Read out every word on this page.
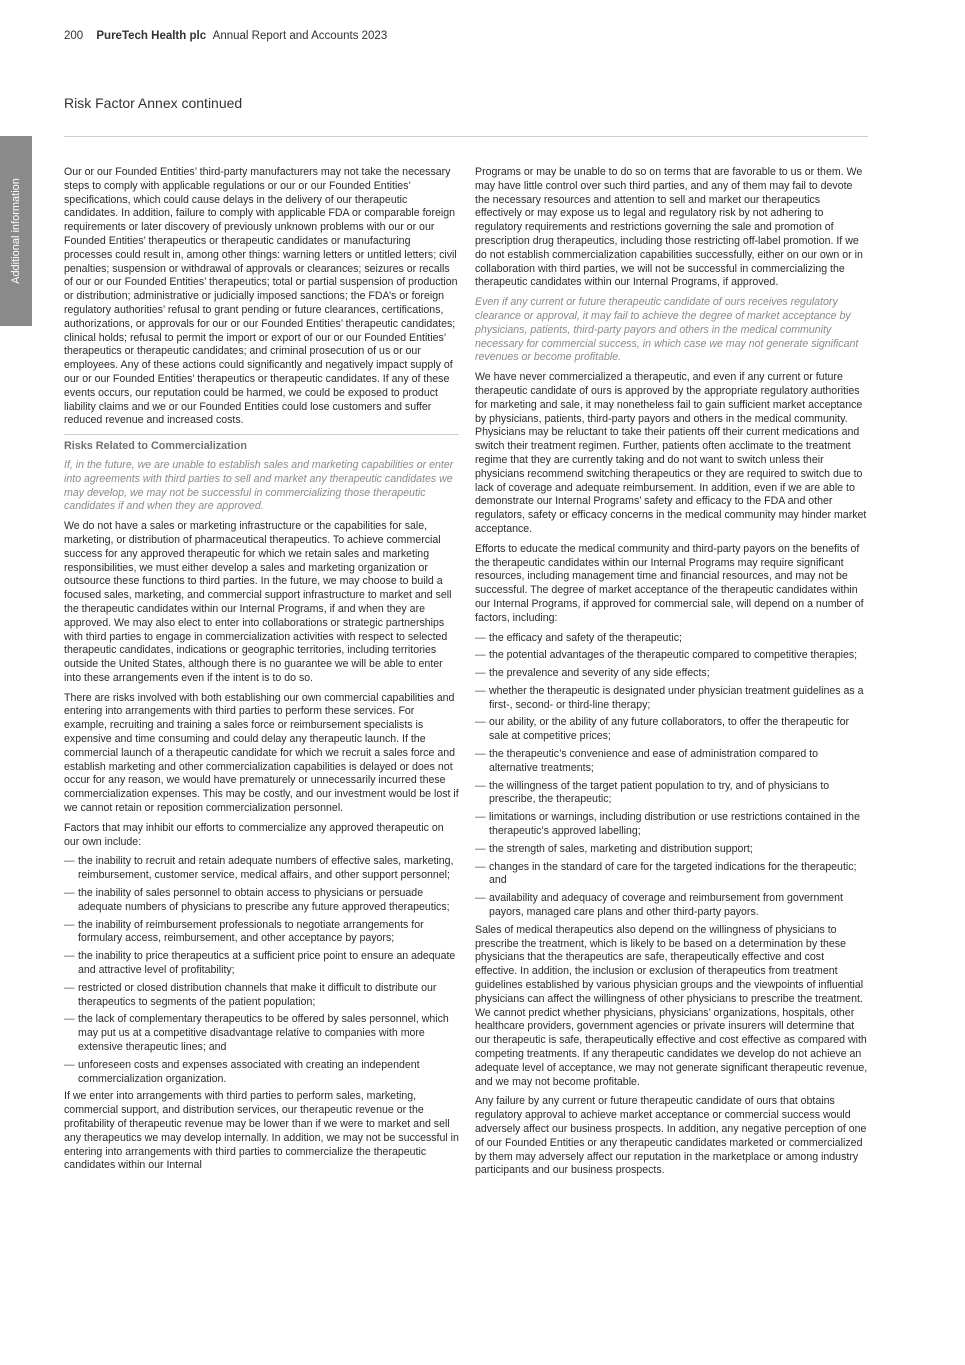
200 PureTech Health plc Annual Report and Accounts 2023
Risk Factor Annex continued
Additional information

Our or our Founded Entities’ third-party manufacturers may not take the necessary steps to comply with applicable regulations or our or our Founded Entities’ specifications, which could cause delays in the delivery of our therapeutic candidates. In addition, failure to comply with applicable FDA or comparable foreign requirements or later discovery of previously unknown problems with our or our Founded Entities’ therapeutics or therapeutic candidates or manufacturing processes could result in, among other things: warning letters or untitled letters; civil penalties; suspension or withdrawal of approvals or clearances; seizures or recalls of our or our Founded Entities’ therapeutics; total or partial suspension of production or distribution; administrative or judicially imposed sanctions; the FDA’s or foreign regulatory authorities’ refusal to grant pending or future clearances, certifications, authorizations, or approvals for our or our Founded Entities’ therapeutic candidates; clinical holds; refusal to permit the import or export of our or our Founded Entities’ therapeutics or therapeutic candidates; and criminal prosecution of us or our employees. Any of these actions could significantly and negatively impact supply of our or our Founded Entities’ therapeutics or therapeutic candidates. If any of these events occurs, our reputation could be harmed, we could be exposed to product liability claims and we or our Founded Entities could lose customers and suffer reduced revenue and increased costs.

Risks Related to Commercialization

If, in the future, we are unable to establish sales and marketing capabilities or enter into agreements with third parties to sell and market any therapeutic candidates we may develop, we may not be successful in commercializing those therapeutic candidates if and when they are approved.

We do not have a sales or marketing infrastructure or the capabilities for sale, marketing, or distribution of pharmaceutical therapeutics. To achieve commercial success for any approved therapeutic for which we retain sales and marketing responsibilities, we must either develop a sales and marketing organization or outsource these functions to third parties. In the future, we may choose to build a focused sales, marketing, and commercial support infrastructure to market and sell the therapeutic candidates within our Internal Programs, if and when they are approved. We may also elect to enter into collaborations or strategic partnerships with third parties to engage in commercialization activities with respect to selected therapeutic candidates, indications or geographic territories, including territories outside the United States, although there is no guarantee we will be able to enter into these arrangements even if the intent is to do so.

There are risks involved with both establishing our own commercial capabilities and entering into arrangements with third parties to perform these services. For example, recruiting and training a sales force or reimbursement specialists is expensive and time consuming and could delay any therapeutic launch. If the commercial launch of a therapeutic candidate for which we recruit a sales force and establish marketing and other commercialization capabilities is delayed or does not occur for any reason, we would have prematurely or unnecessarily incurred these commercialization expenses. This may be costly, and our investment would be lost if we cannot retain or reposition commercialization personnel.

Factors that may inhibit our efforts to commercialize any approved therapeutic on our own include:

— the inability to recruit and retain adequate numbers of effective sales, marketing, reimbursement, customer service, medical affairs, and other support personnel;
— the inability of sales personnel to obtain access to physicians or persuade adequate numbers of physicians to prescribe any future approved therapeutics;
— the inability of reimbursement professionals to negotiate arrangements for formulary access, reimbursement, and other acceptance by payors;
— the inability to price therapeutics at a sufficient price point to ensure an adequate and attractive level of profitability;
— restricted or closed distribution channels that make it difficult to distribute our therapeutics to segments of the patient population;
— the lack of complementary therapeutics to be offered by sales personnel, which may put us at a competitive disadvantage relative to companies with more extensive therapeutic lines; and
— unforeseen costs and expenses associated with creating an independent commercialization organization.

If we enter into arrangements with third parties to perform sales, marketing, commercial support, and distribution services, our therapeutic revenue or the profitability of therapeutic revenue may be lower than if we were to market and sell any therapeutics we may develop internally. In addition, we may not be successful in entering into arrangements with third parties to commercialize the therapeutic candidates within our Internal

Programs or may be unable to do so on terms that are favorable to us or them. We may have little control over such third parties, and any of them may fail to devote the necessary resources and attention to sell and market our therapeutics effectively or may expose us to legal and regulatory risk by not adhering to regulatory requirements and restrictions governing the sale and promotion of prescription drug therapeutics, including those restricting off-label promotion. If we do not establish commercialization capabilities successfully, either on our own or in collaboration with third parties, we will not be successful in commercializing the therapeutic candidates within our Internal Programs, if approved.

Even if any current or future therapeutic candidate of ours receives regulatory clearance or approval, it may fail to achieve the degree of market acceptance by physicians, patients, third-party payors and others in the medical community necessary for commercial success, in which case we may not generate significant revenues or become profitable.

We have never commercialized a therapeutic, and even if any current or future therapeutic candidate of ours is approved by the appropriate regulatory authorities for marketing and sale, it may nonetheless fail to gain sufficient market acceptance by physicians, patients, third-party payors and others in the medical community. Physicians may be reluctant to take their patients off their current medications and switch their treatment regimen. Further, patients often acclimate to the treatment regime that they are currently taking and do not want to switch unless their physicians recommend switching therapeutics or they are required to switch due to lack of coverage and adequate reimbursement. In addition, even if we are able to demonstrate our Internal Programs’ safety and efficacy to the FDA and other regulators, safety or efficacy concerns in the medical community may hinder market acceptance.

Efforts to educate the medical community and third-party payors on the benefits of the therapeutic candidates within our Internal Programs may require significant resources, including management time and financial resources, and may not be successful. The degree of market acceptance of the therapeutic candidates within our Internal Programs, if approved for commercial sale, will depend on a number of factors, including:

— the efficacy and safety of the therapeutic;
— the potential advantages of the therapeutic compared to competitive therapies;
— the prevalence and severity of any side effects;
— whether the therapeutic is designated under physician treatment guidelines as a first-, second- or third-line therapy;
— our ability, or the ability of any future collaborators, to offer the therapeutic for sale at competitive prices;
— the therapeutic’s convenience and ease of administration compared to alternative treatments;
— the willingness of the target patient population to try, and of physicians to prescribe, the therapeutic;
— limitations or warnings, including distribution or use restrictions contained in the therapeutic’s approved labelling;
— the strength of sales, marketing and distribution support;
— changes in the standard of care for the targeted indications for the therapeutic; and
— availability and adequacy of coverage and reimbursement from government payors, managed care plans and other third-party payors.

Sales of medical therapeutics also depend on the willingness of physicians to prescribe the treatment, which is likely to be based on a determination by these physicians that the therapeutics are safe, therapeutically effective and cost effective. In addition, the inclusion or exclusion of therapeutics from treatment guidelines established by various physician groups and the viewpoints of influential physicians can affect the willingness of other physicians to prescribe the treatment. We cannot predict whether physicians, physicians’ organizations, hospitals, other healthcare providers, government agencies or private insurers will determine that our therapeutic is safe, therapeutically effective and cost effective as compared with competing treatments. If any therapeutic candidates we develop do not achieve an adequate level of acceptance, we may not generate significant therapeutic revenue, and we may not become profitable.

Any failure by any current or future therapeutic candidate of ours that obtains regulatory approval to achieve market acceptance or commercial success would adversely affect our business prospects. In addition, any negative perception of one of our Founded Entities or any therapeutic candidates marketed or commercialized by them may adversely affect our reputation in the marketplace or among industry participants and our business prospects.
